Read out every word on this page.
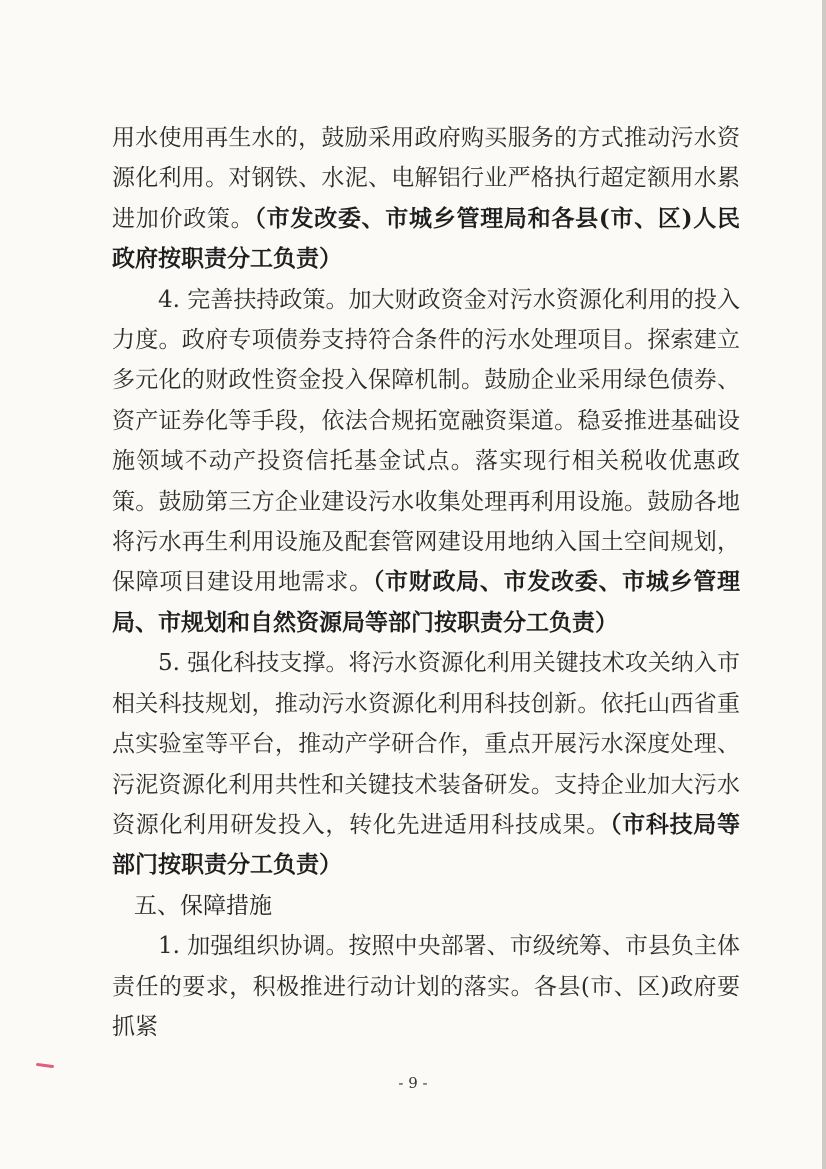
用水使用再生水的，鼓励采用政府购买服务的方式推动污水资源化利用。对钢铁、水泥、电解铝行业严格执行超定额用水累进加价政策。（市发改委、市城乡管理局和各县(市、区)人民政府按职责分工负责）

4. 完善扶持政策。加大财政资金对污水资源化利用的投入力度。政府专项债券支持符合条件的污水处理项目。探索建立多元化的财政性资金投入保障机制。鼓励企业采用绿色债券、资产证券化等手段，依法合规拓宽融资渠道。稳妥推进基础设施领域不动产投资信托基金试点。落实现行相关税收优惠政策。鼓励第三方企业建设污水收集处理再利用设施。鼓励各地将污水再生利用设施及配套管网建设用地纳入国土空间规划，保障项目建设用地需求。（市财政局、市发改委、市城乡管理局、市规划和自然资源局等部门按职责分工负责）

5. 强化科技支撑。将污水资源化利用关键技术攻关纳入市相关科技规划，推动污水资源化利用科技创新。依托山西省重点实验室等平台，推动产学研合作，重点开展污水深度处理、污泥资源化利用共性和关键技术装备研发。支持企业加大污水资源化利用研发投入，转化先进适用科技成果。（市科技局等部门按职责分工负责）

五、保障措施

1. 加强组织协调。按照中央部署、市级统筹、市县负主体责任的要求，积极推进行动计划的落实。各县(市、区)政府要抓紧

- 9 -
